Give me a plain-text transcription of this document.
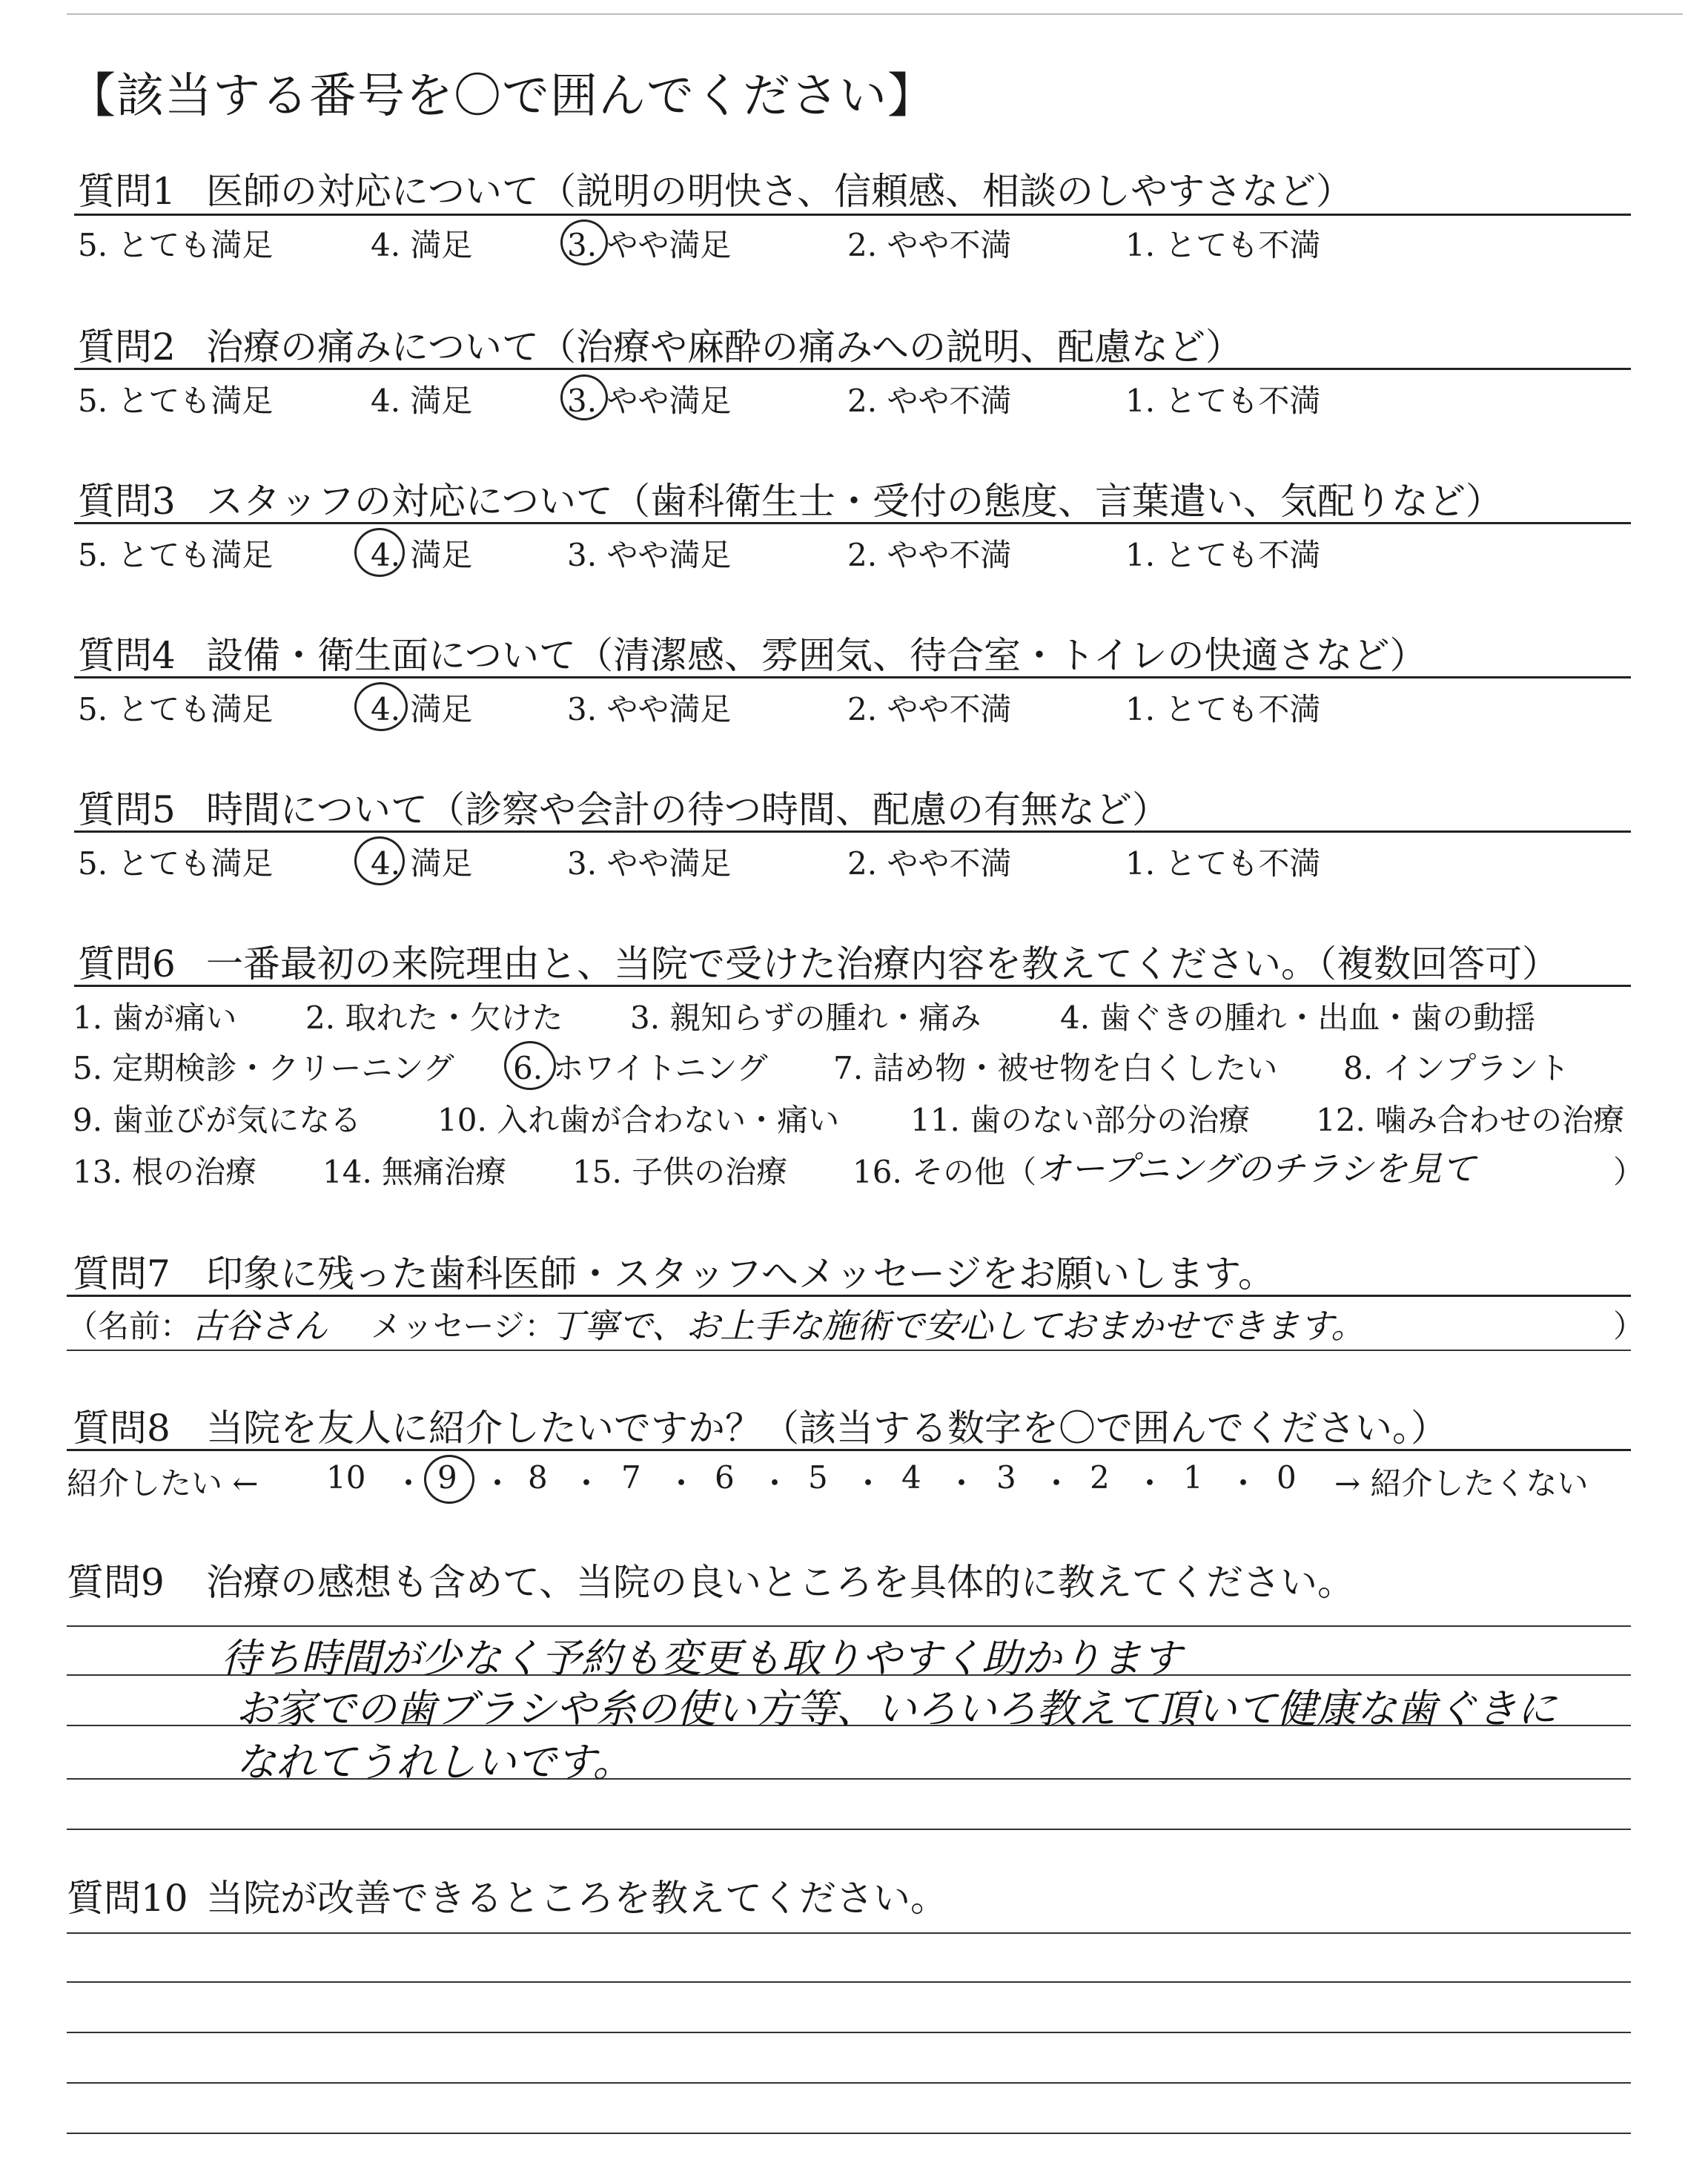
【該当する番号を〇で囲んでください】
質問1 医師の対応について（説明の明快さ、信頼感、相談のしやすさなど）
5. とても満足	4. 満足	3. やや満足	2. やや不満	1. とても不満
質問2 治療の痛みについて（治療や麻酔の痛みへの説明、配慮など）
5. とても満足	4. 満足	3. やや満足	2. やや不満	1. とても不満
質問3 スタッフの対応について（歯科衛生士・受付の態度、言葉遣い、気配りなど）
5. とても満足	4. 満足	3. やや満足	2. やや不満	1. とても不満
質問4 設備・衛生面について（清潔感、雰囲気、待合室・トイレの快適さなど）
5. とても満足	4. 満足	3. やや満足	2. やや不満	1. とても不満
質問5 時間について（診察や会計の待つ時間、配慮の有無など）
5. とても満足	4. 満足	3. やや満足	2. やや不満	1. とても不満
質問6 一番最初の来院理由と、当院で受けた治療内容を教えてください。（複数回答可）
1. 歯が痛い 2. 取れた・欠けた 3. 親知らずの腫れ・痛み	4. 歯ぐきの腫れ・出血・歯の動揺
5. 定期検診・クリーニング 6. ホワイトニング 7. 詰め物・被せ物を白くしたい 8. インプラント
9. 歯並びが気になる 10. 入れ歯が合わない・痛い 11. 歯のない部分の治療 12. 噛み合わせの治療
13. 根の治療 14. 無痛治療 15. 子供の治療 16. その他（ オープニングのチラシを見て	）
質問7 印象に残った歯科医師・スタッフへメッセージをお願いします。
（名前： 古谷さん メッセージ：
丁寧で、お上手な施術で安心しておまかせできます。	）
質問8 当院を友人に紹介したいですか？（該当する数字を〇で囲んでください。）
紹介したい ← 10 ・ 9 ・ 8 ・ 7 ・ 6 ・ 5 ・ 4 ・ 3 ・ 2 ・ 1 ・ 0 → 紹介したくない
質問9 治療の感想も含めて、当院の良いところを具体的に教えてください。
待ち時間が少なく予約も変更も取りやすく助かります
お家での歯ブラシや糸の使い方等、いろいろ教えて頂いて健康な歯ぐきに
なれてうれしいです。
質問10 当院が改善できるところを教えてください。
